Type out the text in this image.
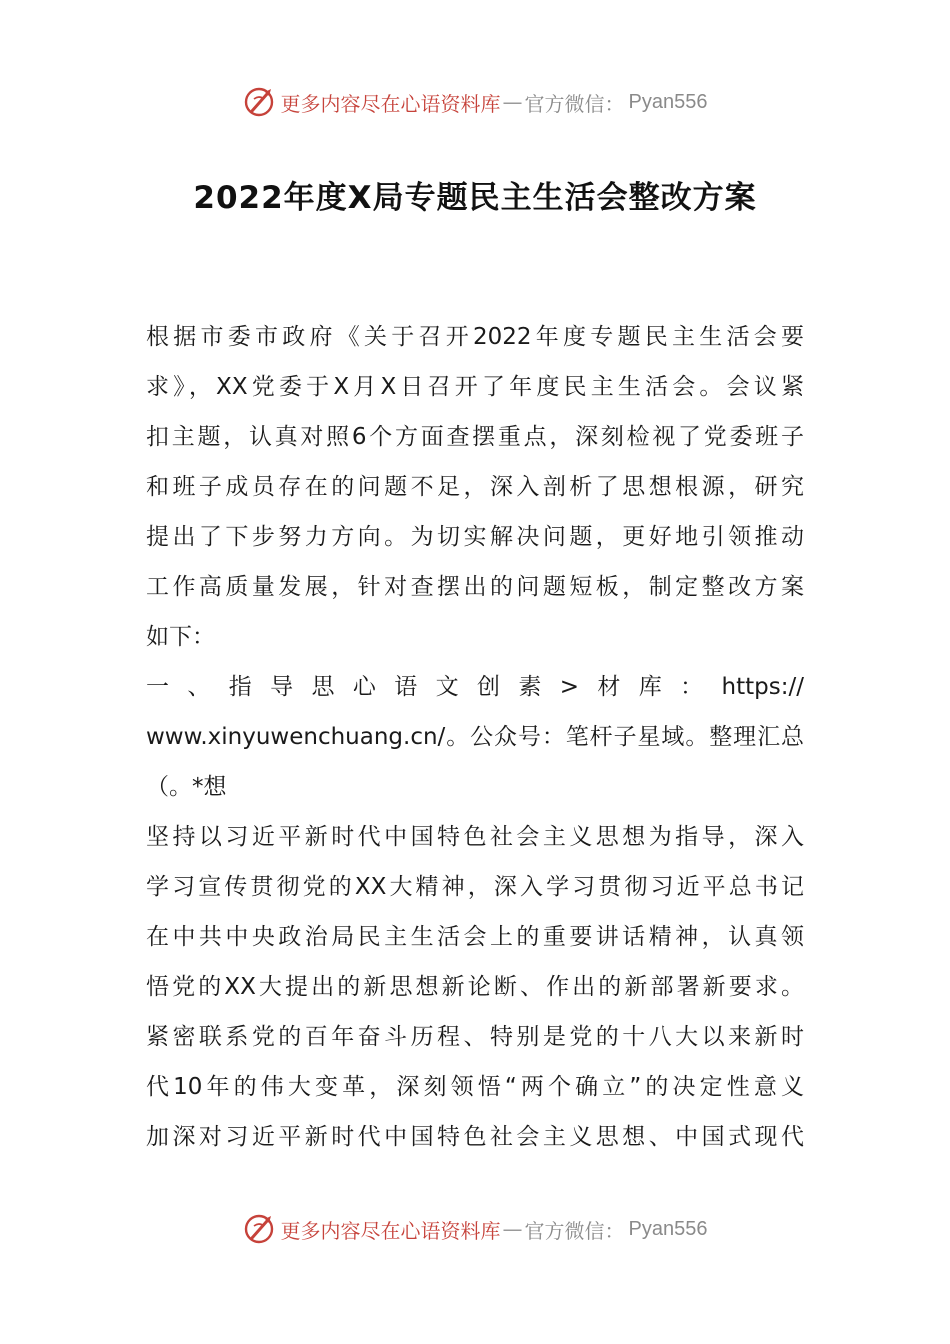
更多内容尽在心语资料库 — 官方微信： Pyan556
2022年度X局专题民主生活会整改方案
根据市委市政府《关于召开2022年度专题民主生活会要
求》，XX党委于X月X日召开了年度民主生活会。会议紧
扣主题，认真对照6个方面查摆重点，深刻检视了党委班子
和班子成员存在的问题不足，深入剖析了思想根源，研究
提出了下步努力方向。为切实解决问题，更好地引领推动
工作高质量发展，针对查摆出的问题短板，制定整改方案
如下：
一、指导思心语文创素>材库：https://
www.xinyuwenchuang.cn/。公众号：笔杆子星域。整理汇总
（。*想
坚持以习近平新时代中国特色社会主义思想为指导，深入
学习宣传贯彻党的XX大精神，深入学习贯彻习近平总书记
在中共中央政治局民主生活会上的重要讲话精神，认真领
悟党的XX大提出的新思想新论断、作出的新部署新要求。
紧密联系党的百年奋斗历程、特别是党的十八大以来新时
代10年的伟大变革，深刻领悟“两个确立”的决定性意义
加深对习近平新时代中国特色社会主义思想、中国式现代
更多内容尽在心语资料库 — 官方微信： Pyan556
